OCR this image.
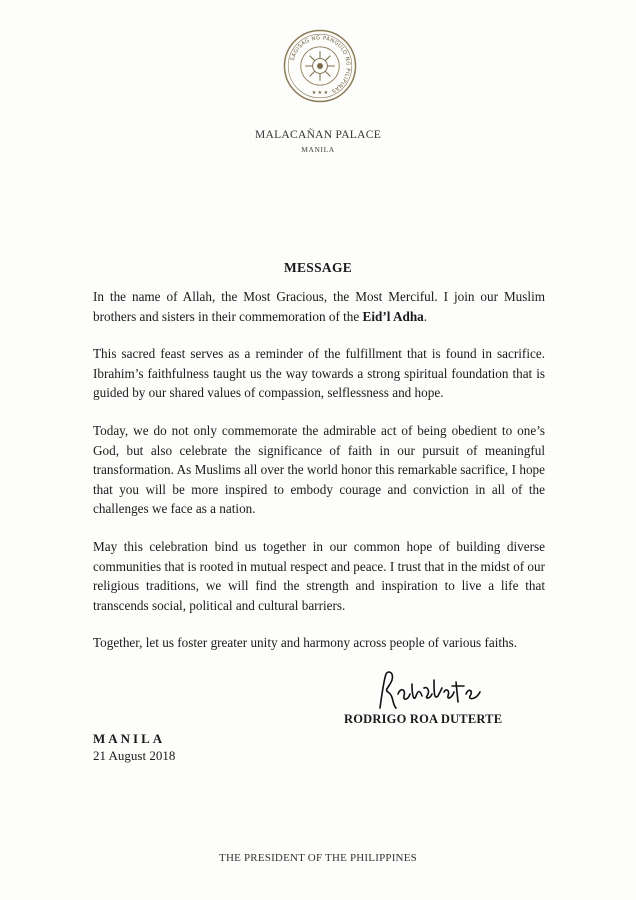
SAGISAG NG PANGULO NG PILIPINAS
★ ★ ★
MALACAÑAN PALACE
MANILA
MESSAGE

In the name of Allah, the Most Gracious, the Most Merciful. I join our Muslim brothers and sisters in their commemoration of the Eid’l Adha.

This sacred feast serves as a reminder of the fulfillment that is found in sacrifice. Ibrahim’s faithfulness taught us the way towards a strong spiritual foundation that is guided by our shared values of compassion, selflessness and hope.

Today, we do not only commemorate the admirable act of being obedient to one’s God, but also celebrate the significance of faith in our pursuit of meaningful transformation. As Muslims all over the world honor this remarkable sacrifice, I hope that you will be more inspired to embody courage and conviction in all of the challenges we face as a nation.

May this celebration bind us together in our common hope of building diverse communities that is rooted in mutual respect and peace. I trust that in the midst of our religious traditions, we will find the strength and inspiration to live a life that transcends social, political and cultural barriers.

Together, let us foster greater unity and harmony across people of various faiths.

RODRIGO ROA DUTERTE
MANILA
21 August 2018
THE PRESIDENT OF THE PHILIPPINES
